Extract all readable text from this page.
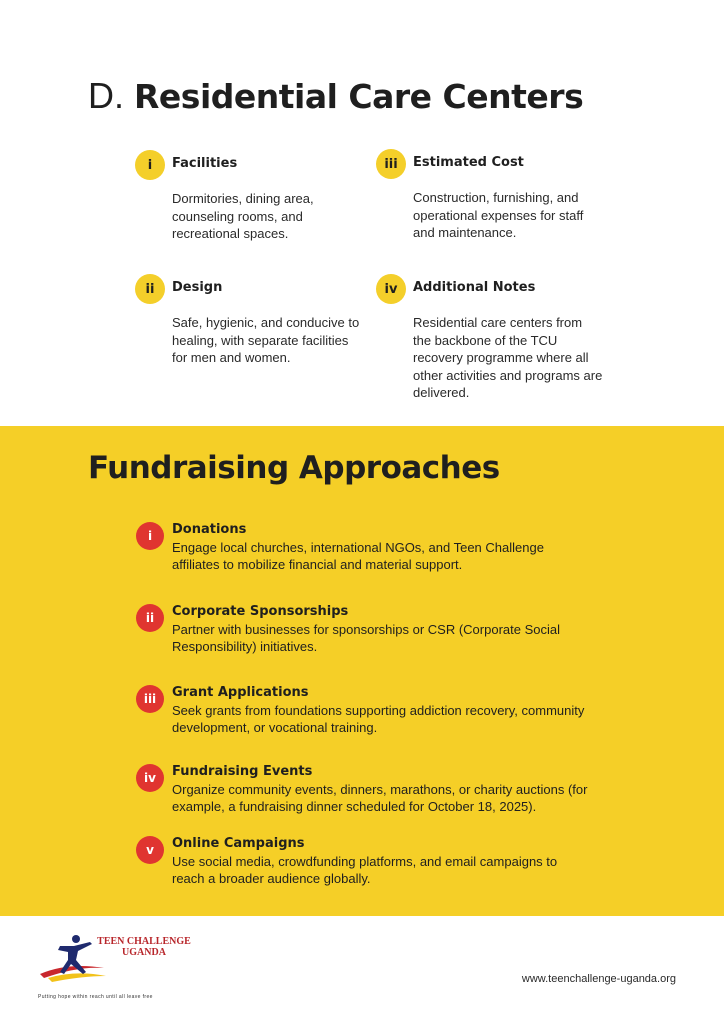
D. Residential Care Centers
i	Facilities

Dormitories, dining area, counseling rooms, and recreational spaces.

iii	Estimated Cost

Construction, furnishing, and operational expenses for staff and maintenance.

ii	Design

Safe, hygienic, and conducive to healing, with separate facilities for men and women.

iv	Additional Notes

Residential care centers from the backbone of the TCU recovery programme where all other activities and programs are delivered.

Fundraising Approaches
i	Donations

Engage local churches, international NGOs, and Teen Challenge affiliates to mobilize financial and material support.

ii	Corporate Sponsorships

Partner with businesses for sponsorships or CSR (Corporate Social Responsibility) initiatives.

iii	Grant Applications

Seek grants from foundations supporting addiction recovery, community development, or vocational training.

iv	Fundraising Events

Organize community events, dinners, marathons, or charity auctions (for example, a fundraising dinner scheduled for October 18, 2025).

v	Online Campaigns

Use social media, crowdfunding platforms, and email campaigns to reach a broader audience globally.

TEEN CHALLENGE
UGANDA
Putting hope within reach until all leave free
www.teenchallenge-uganda.org
